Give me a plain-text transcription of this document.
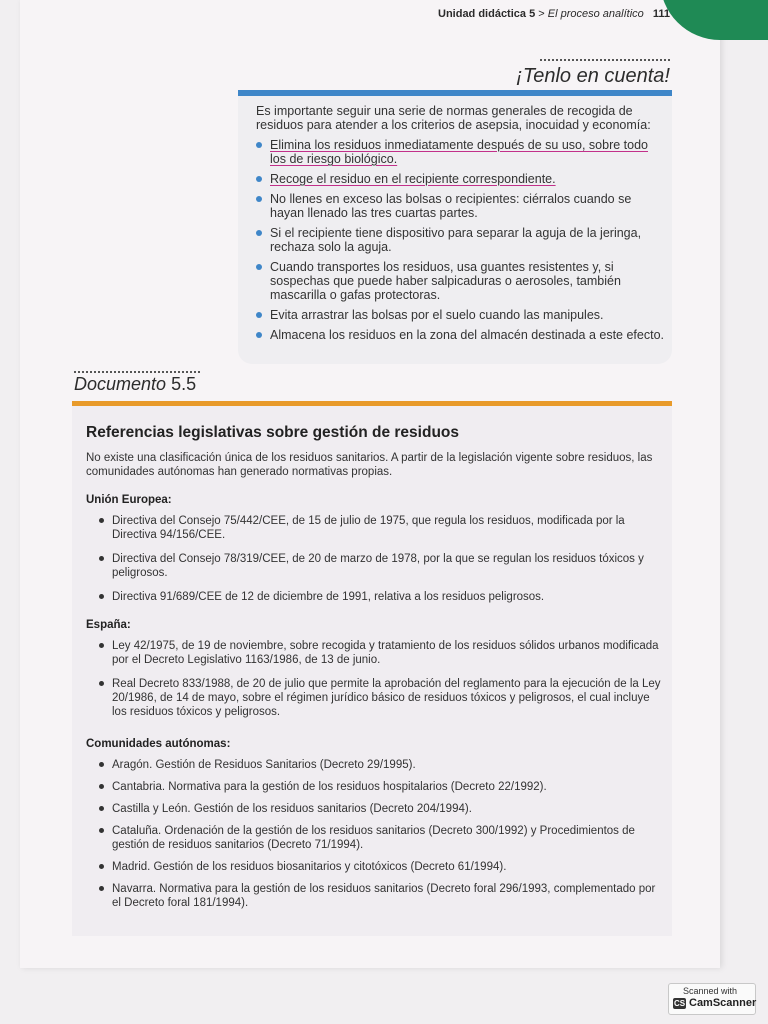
Unidad didáctica 5 > El proceso analítico 111
¡Tenlo en cuenta!
Es importante seguir una serie de normas generales de recogida de residuos para atender a los criterios de asepsia, inocuidad y economía:
Elimina los residuos inmediatamente después de su uso, sobre todo los de riesgo biológico.
Recoge el residuo en el recipiente correspondiente.
No llenes en exceso las bolsas o recipientes: ciérralos cuando se hayan llenado las tres cuartas partes.
Si el recipiente tiene dispositivo para separar la aguja de la jeringa, rechaza solo la aguja.
Cuando transportes los residuos, usa guantes resistentes y, si sospechas que puede haber salpicaduras o aerosoles, también mascarilla o gafas protectoras.
Evita arrastrar las bolsas por el suelo cuando las manipules.
Almacena los residuos en la zona del almacén destinada a este efecto.
Documento 5.5
Referencias legislativas sobre gestión de residuos
No existe una clasificación única de los residuos sanitarios. A partir de la legislación vigente sobre residuos, las comunidades autónomas han generado normativas propias.
Unión Europea:
Directiva del Consejo 75/442/CEE, de 15 de julio de 1975, que regula los residuos, modificada por la Directiva 94/156/CEE.
Directiva del Consejo 78/319/CEE, de 20 de marzo de 1978, por la que se regulan los residuos tóxicos y peligrosos.
Directiva 91/689/CEE de 12 de diciembre de 1991, relativa a los residuos peligrosos.
España:
Ley 42/1975, de 19 de noviembre, sobre recogida y tratamiento de los residuos sólidos urbanos modificada por el Decreto Legislativo 1163/1986, de 13 de junio.
Real Decreto 833/1988, de 20 de julio que permite la aprobación del reglamento para la ejecución de la Ley 20/1986, de 14 de mayo, sobre el régimen jurídico básico de residuos tóxicos y peligrosos, el cual incluye los residuos tóxicos y peligrosos.
Comunidades autónomas:
Aragón. Gestión de Residuos Sanitarios (Decreto 29/1995).
Cantabria. Normativa para la gestión de los residuos hospitalarios (Decreto 22/1992).
Castilla y León. Gestión de los residuos sanitarios (Decreto 204/1994).
Cataluña. Ordenación de la gestión de los residuos sanitarios (Decreto 300/1992) y Procedimientos de gestión de residuos sanitarios (Decreto 71/1994).
Madrid. Gestión de los residuos biosanitarios y citotóxicos (Decreto 61/1994).
Navarra. Normativa para la gestión de los residuos sanitarios (Decreto foral 296/1993, complementado por el Decreto foral 181/1994).
Scanned with
CS CamScanner
